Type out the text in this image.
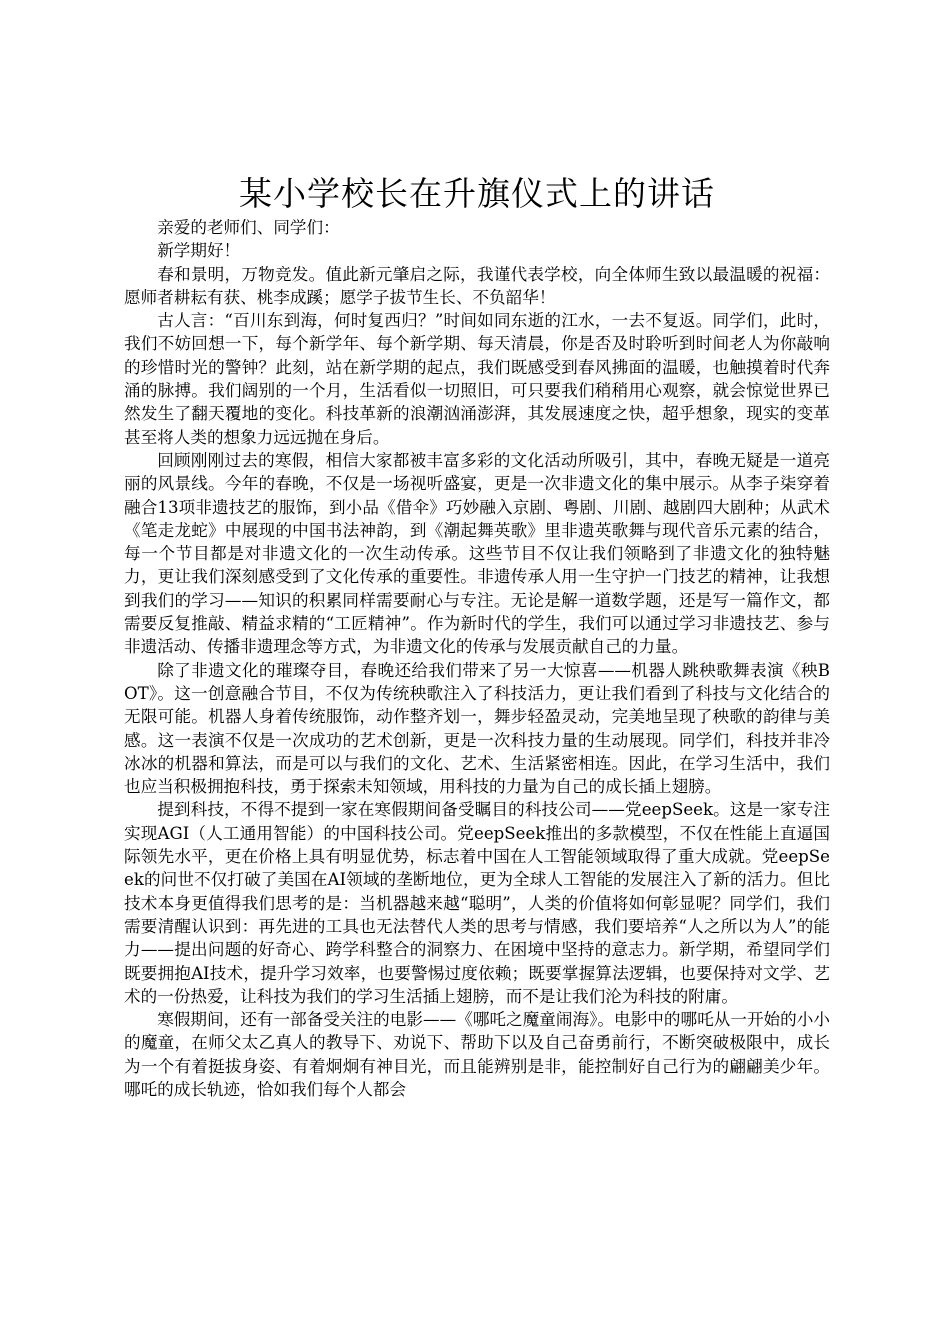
某小学校长在升旗仪式上的讲话

亲爱的老师们、同学们：

新学期好！

春和景明，万物竞发。值此新元肇启之际，我谨代表学校，向全体师生致以最温暖的祝福：愿师者耕耘有获、桃李成蹊；愿学子拔节生长、不负韶华！

古人言：“百川东到海，何时复西归？”时间如同东逝的江水，一去不复返。同学们，此时，我们不妨回想一下，每个新学年、每个新学期、每天清晨，你是否及时聆听到时间老人为你敲响的珍惜时光的警钟？此刻，站在新学期的起点，我们既感受到春风拂面的温暖，也触摸着时代奔涌的脉搏。我们阔别的一个月，生活看似一切照旧，可只要我们稍稍用心观察，就会惊觉世界已然发生了翻天覆地的变化。科技革新的浪潮汹涌澎湃，其发展速度之快，超乎想象，现实的变革甚至将人类的想象力远远抛在身后。

回顾刚刚过去的寒假，相信大家都被丰富多彩的文化活动所吸引，其中，春晚无疑是一道亮丽的风景线。今年的春晚，不仅是一场视听盛宴，更是一次非遗文化的集中展示。从李子柒穿着融合13项非遗技艺的服饰，到小品《借伞》巧妙融入京剧、粤剧、川剧、越剧四大剧种；从武术《笔走龙蛇》中展现的中国书法神韵，到《潮起舞英歌》里非遗英歌舞与现代音乐元素的结合，每一个节目都是对非遗文化的一次生动传承。这些节目不仅让我们领略到了非遗文化的独特魅力，更让我们深刻感受到了文化传承的重要性。非遗传承人用一生守护一门技艺的精神，让我想到我们的学习——知识的积累同样需要耐心与专注。无论是解一道数学题，还是写一篇作文，都需要反复推敲、精益求精的“工匠精神”。作为新时代的学生，我们可以通过学习非遗技艺、参与非遗活动、传播非遗理念等方式，为非遗文化的传承与发展贡献自己的力量。

除了非遗文化的璀璨夺目，春晚还给我们带来了另一大惊喜——机器人跳秧歌舞表演《秧BOT》。这一创意融合节目，不仅为传统秧歌注入了科技活力，更让我们看到了科技与文化结合的无限可能。机器人身着传统服饰，动作整齐划一，舞步轻盈灵动，完美地呈现了秧歌的韵律与美感。这一表演不仅是一次成功的艺术创新，更是一次科技力量的生动展现。同学们，科技并非冷冰冰的机器和算法，而是可以与我们的文化、艺术、生活紧密相连。因此，在学习生活中，我们也应当积极拥抱科技，勇于探索未知领域，用科技的力量为自己的成长插上翅膀。

提到科技，不得不提到一家在寒假期间备受瞩目的科技公司——党eepSeek。这是一家专注实现AGI（人工通用智能）的中国科技公司。党eepSeek推出的多款模型，不仅在性能上直逼国际领先水平，更在价格上具有明显优势，标志着中国在人工智能领域取得了重大成就。党eepSeek的问世不仅打破了美国在AI领域的垄断地位，更为全球人工智能的发展注入了新的活力。但比技术本身更值得我们思考的是：当机器越来越“聪明”，人类的价值将如何彰显呢？同学们，我们需要清醒认识到：再先进的工具也无法替代人类的思考与情感，我们要培养“人之所以为人”的能力——提出问题的好奇心、跨学科整合的洞察力、在困境中坚持的意志力。新学期，希望同学们既要拥抱AI技术，提升学习效率，也要警惕过度依赖；既要掌握算法逻辑，也要保持对文学、艺术的一份热爱，让科技为我们的学习生活插上翅膀，而不是让我们沦为科技的附庸。

寒假期间，还有一部备受关注的电影——《哪吒之魔童闹海》。电影中的哪吒从一开始的小小的魔童，在师父太乙真人的教导下、劝说下、帮助下以及自己奋勇前行，不断突破极限中，成长为一个有着挺拔身姿、有着炯炯有神目光，而且能辨别是非，能控制好自己行为的翩翩美少年。哪吒的成长轨迹，恰如我们每个人都会
